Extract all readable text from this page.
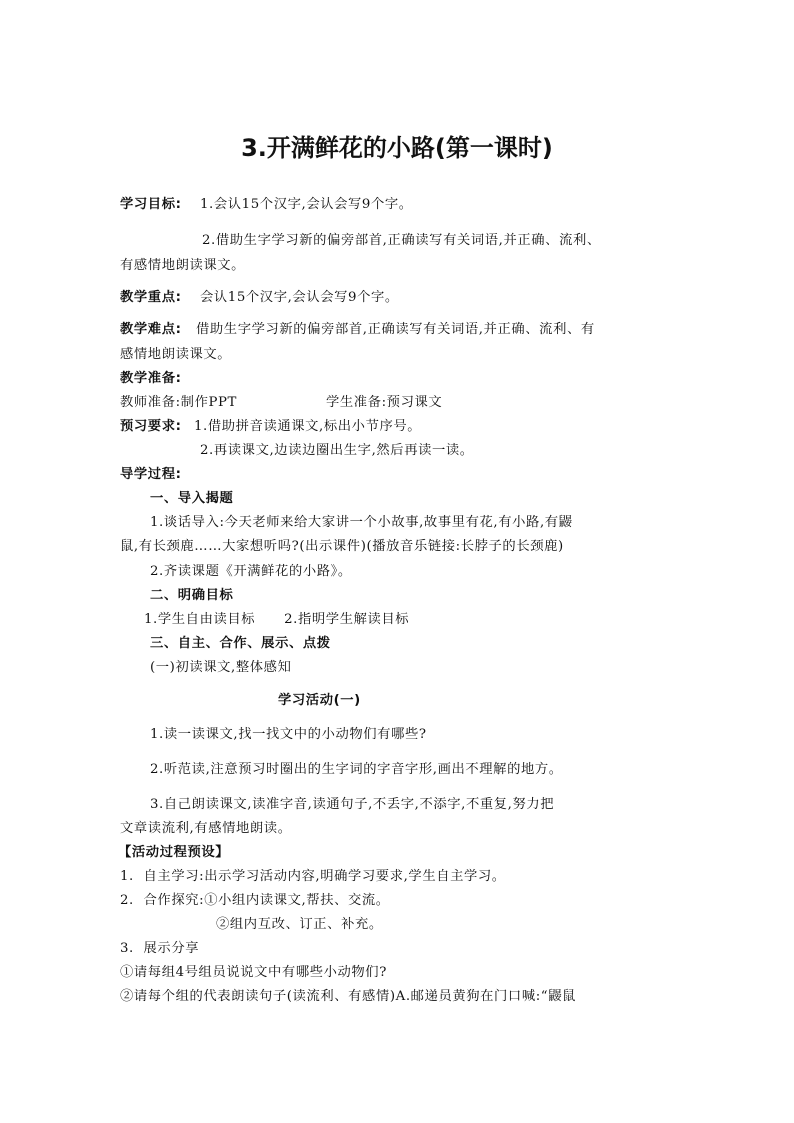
3.开满鲜花的小路(第一课时)
学习目标: 1.会认15个汉字,会认会写9个字。
2.借助生字学习新的偏旁部首,正确读写有关词语,并正确、流利、
有感情地朗读课文。
教学重点: 会认15个汉字,会认会写9个字。
教学难点: 借助生字学习新的偏旁部首,正确读写有关词语,并正确、流利、有
感情地朗读课文。
教学准备:
教师准备:制作PPT	学生准备:预习课文
预习要求: 1.借助拼音读通课文,标出小节序号。
2.再读课文,边读边圈出生字,然后再读一读。
导学过程:
一、导入揭题
1.谈话导入:今天老师来给大家讲一个小故事,故事里有花,有小路,有鼹
鼠,有长颈鹿……大家想听吗?(出示课件)(播放音乐链接:长脖子的长颈鹿)
2.齐读课题《开满鲜花的小路》。
二、明确目标
1.学生自由读目标      2.指明学生解读目标
三、自主、合作、展示、点拨
(一)初读课文,整体感知
学习活动(一)
1.读一读课文,找一找文中的小动物们有哪些?
2.听范读,注意预习时圈出的生字词的字音字形,画出不理解的地方。
3.自己朗读课文,读准字音,读通句子,不丢字,不添字,不重复,努力把
文章读流利,有感情地朗读。
【活动过程预设】
1.  自主学习:出示学习活动内容,明确学习要求,学生自主学习。
2.  合作探究:①小组内读课文,帮扶、交流。
②组内互改、订正、补充。
3.  展示分享
①请每组4号组员说说文中有哪些小动物们?
②请每个组的代表朗读句子(读流利、有感情)A.邮递员黄狗在门口喊:“鼹鼠
